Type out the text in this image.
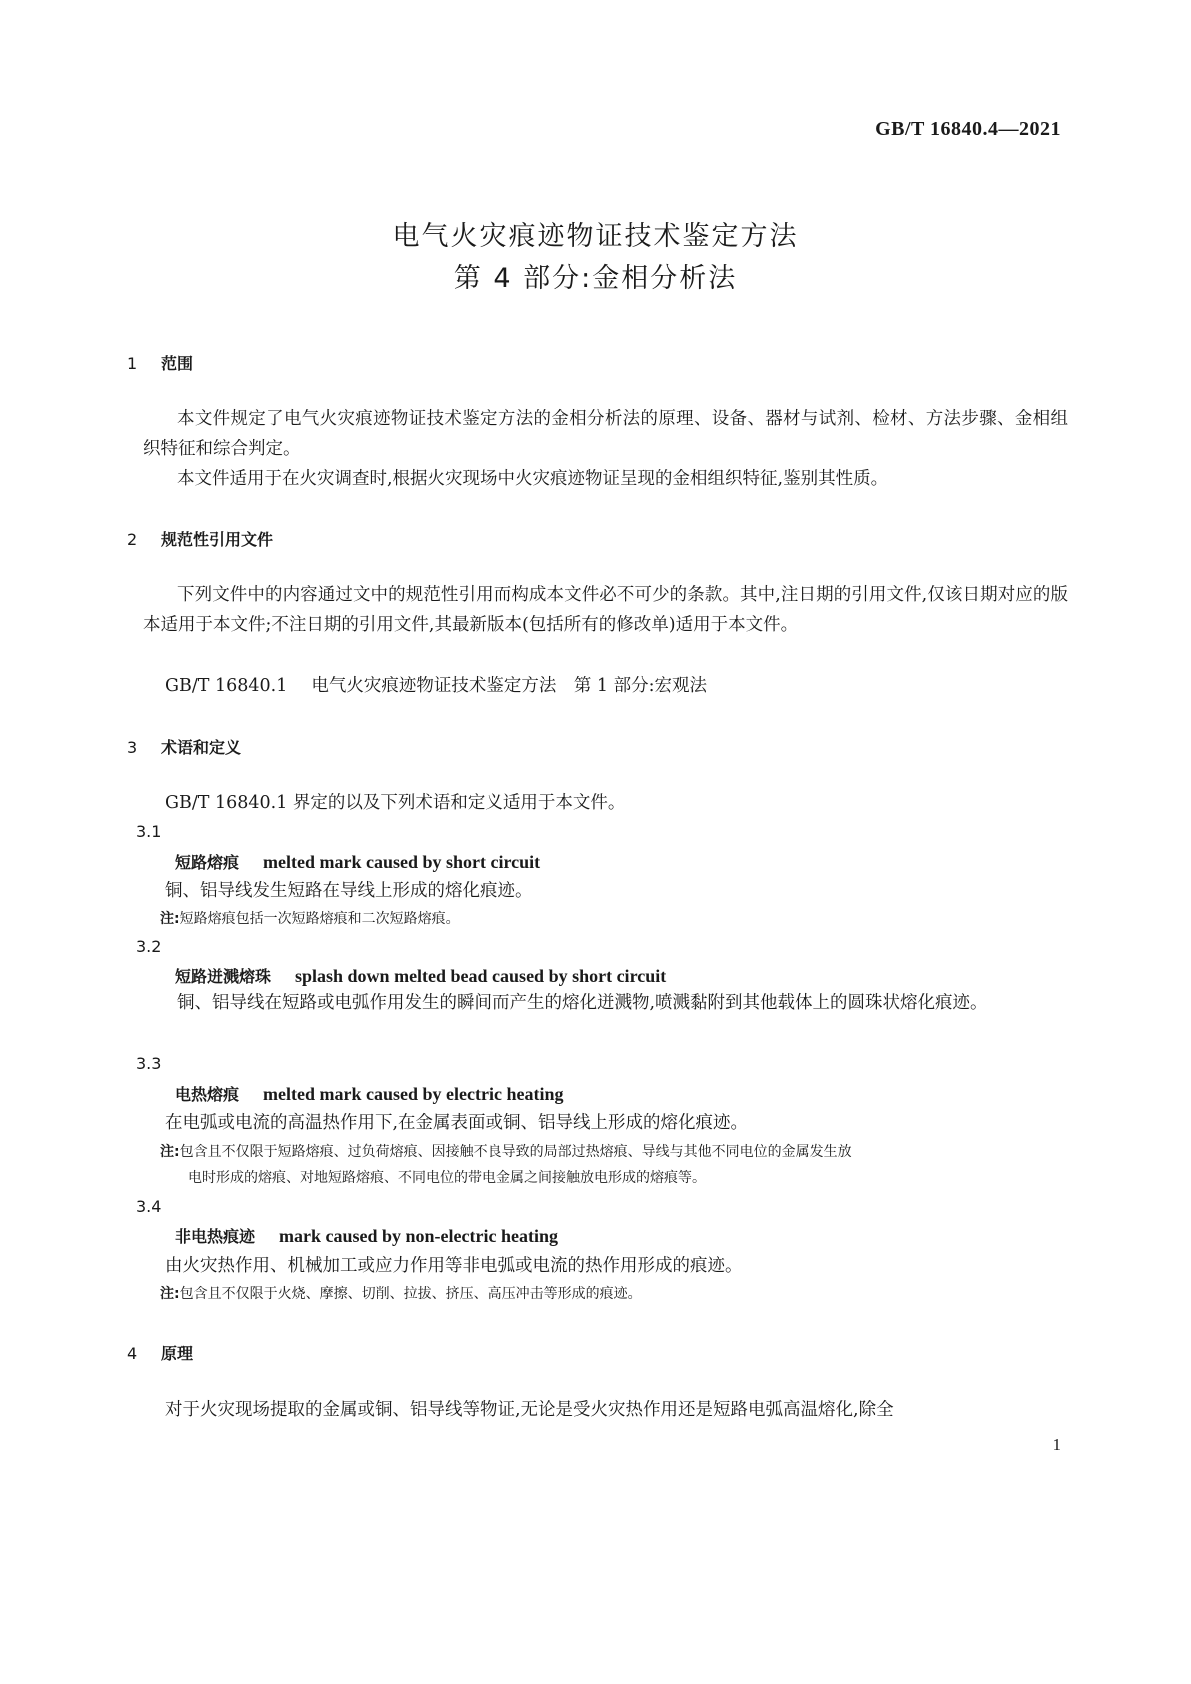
GB/T 16840.4—2021
电气火灾痕迹物证技术鉴定方法
第 4 部分:金相分析法
1 范围
本文件规定了电气火灾痕迹物证技术鉴定方法的金相分析法的原理、设备、器材与试剂、检材、方法步骤、金相组织特征和综合判定。
本文件适用于在火灾调查时,根据火灾现场中火灾痕迹物证呈现的金相组织特征,鉴别其性质。
2 规范性引用文件
下列文件中的内容通过文中的规范性引用而构成本文件必不可少的条款。其中,注日期的引用文件,仅该日期对应的版本适用于本文件;不注日期的引用文件,其最新版本(包括所有的修改单)适用于本文件。
GB/T 16840.1 电气火灾痕迹物证技术鉴定方法　第 1 部分:宏观法
3 术语和定义
GB/T 16840.1 界定的以及下列术语和定义适用于本文件。
3.1
短路熔痕 melted mark caused by short circuit
铜、铝导线发生短路在导线上形成的熔化痕迹。
注:短路熔痕包括一次短路熔痕和二次短路熔痕。
3.2
短路迸溅熔珠 splash down melted bead caused by short circuit
铜、铝导线在短路或电弧作用发生的瞬间而产生的熔化迸溅物,喷溅黏附到其他载体上的圆珠状熔化痕迹。
3.3
电热熔痕 melted mark caused by electric heating
在电弧或电流的高温热作用下,在金属表面或铜、铝导线上形成的熔化痕迹。
注:包含且不仅限于短路熔痕、过负荷熔痕、因接触不良导致的局部过热熔痕、导线与其他不同电位的金属发生放
电时形成的熔痕、对地短路熔痕、不同电位的带电金属之间接触放电形成的熔痕等。
3.4
非电热痕迹 mark caused by non-electric heating
由火灾热作用、机械加工或应力作用等非电弧或电流的热作用形成的痕迹。
注:包含且不仅限于火烧、摩擦、切削、拉拔、挤压、高压冲击等形成的痕迹。
4 原理
对于火灾现场提取的金属或铜、铝导线等物证,无论是受火灾热作用还是短路电弧高温熔化,除全
1
